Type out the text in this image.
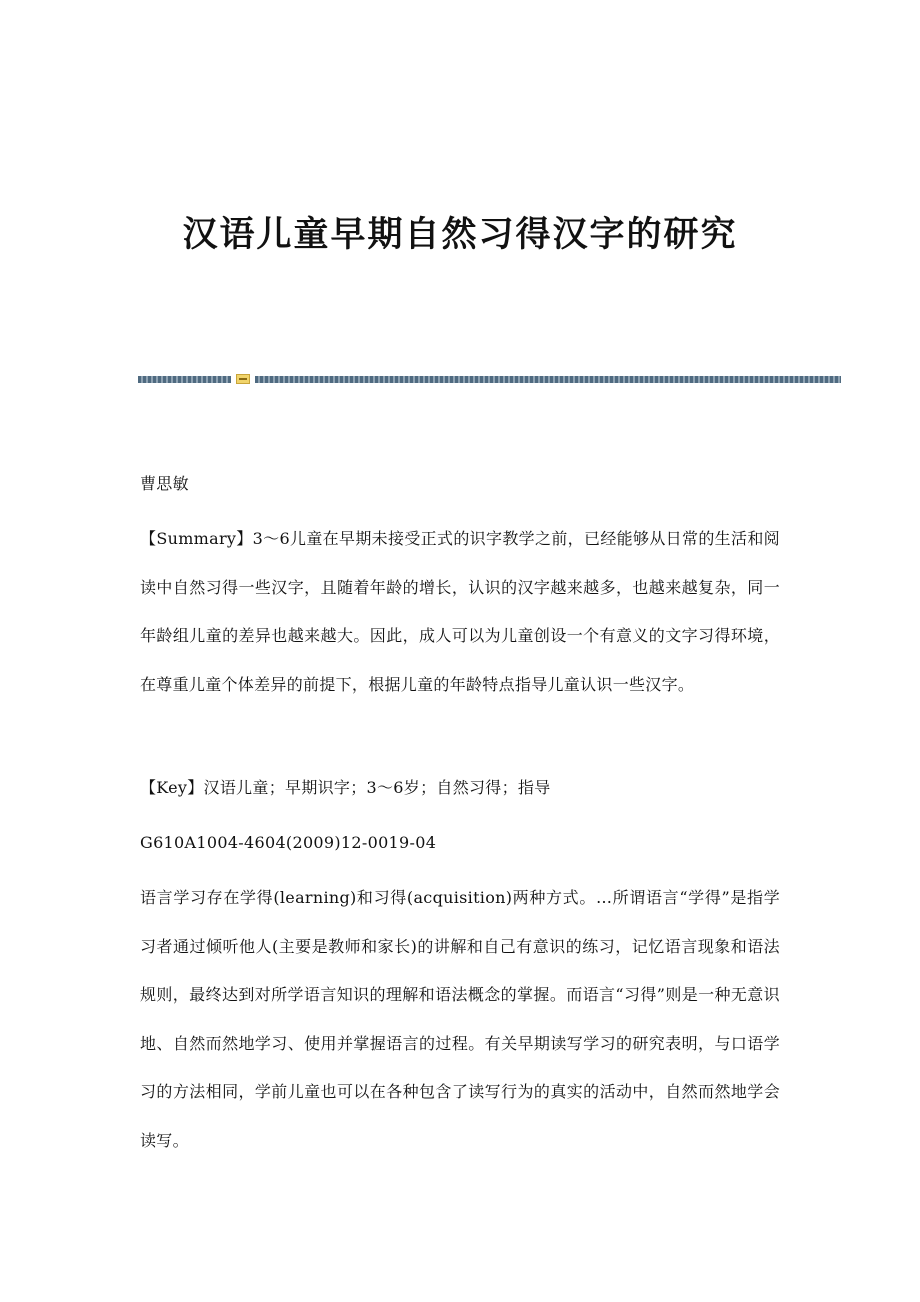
汉语儿童早期自然习得汉字的研究

曹思敏

【Summary】3～6儿童在早期未接受正式的识字教学之前，已经能够从日常的生活和阅读中自然习得一些汉字，且随着年龄的增长，认识的汉字越来越多，也越来越复杂，同一年龄组儿童的差异也越来越大。因此，成人可以为儿童创设一个有意义的文字习得环境，在尊重儿童个体差异的前提下，根据儿童的年龄特点指导儿童认识一些汉字。

【Key】汉语儿童；早期识字；3～6岁；自然习得；指导

G610A1004-4604(2009)12-0019-04

语言学习存在学得(learning)和习得(acquisition)两种方式。…所谓语言“学得”是指学习者通过倾听他人(主要是教师和家长)的讲解和自己有意识的练习，记忆语言现象和语法规则，最终达到对所学语言知识的理解和语法概念的掌握。而语言“习得”则是一种无意识地、自然而然地学习、使用并掌握语言的过程。有关早期读写学习的研究表明，与口语学习的方法相同，学前儿童也可以在各种包含了读写行为的真实的活动中，自然而然地学会读写。
